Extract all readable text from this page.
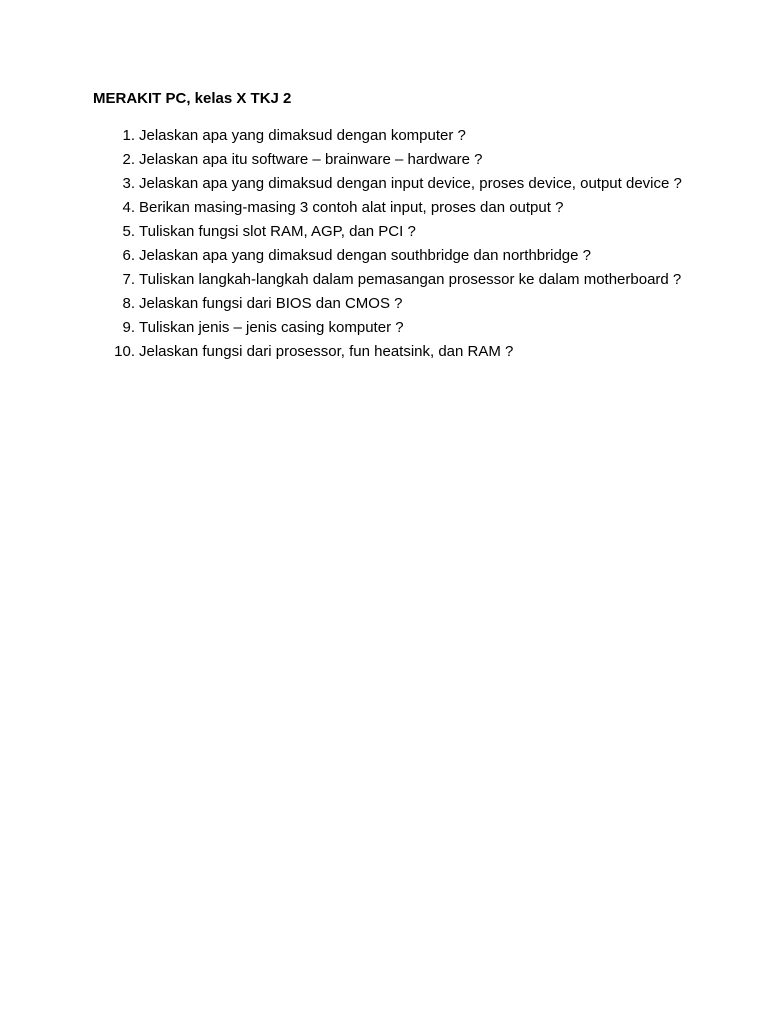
MERAKIT PC, kelas X TKJ 2
1. Jelaskan apa yang dimaksud dengan komputer ?
2. Jelaskan apa itu software – brainware – hardware ?
3. Jelaskan apa yang dimaksud dengan input device, proses device, output device ?
4. Berikan masing-masing 3 contoh alat input, proses dan output ?
5. Tuliskan fungsi slot RAM, AGP, dan PCI ?
6. Jelaskan apa yang dimaksud dengan southbridge dan northbridge ?
7. Tuliskan langkah-langkah dalam pemasangan prosessor ke dalam motherboard ?
8. Jelaskan fungsi dari BIOS dan CMOS ?
9. Tuliskan jenis – jenis casing komputer ?
10. Jelaskan fungsi dari prosessor, fun heatsink, dan RAM ?
